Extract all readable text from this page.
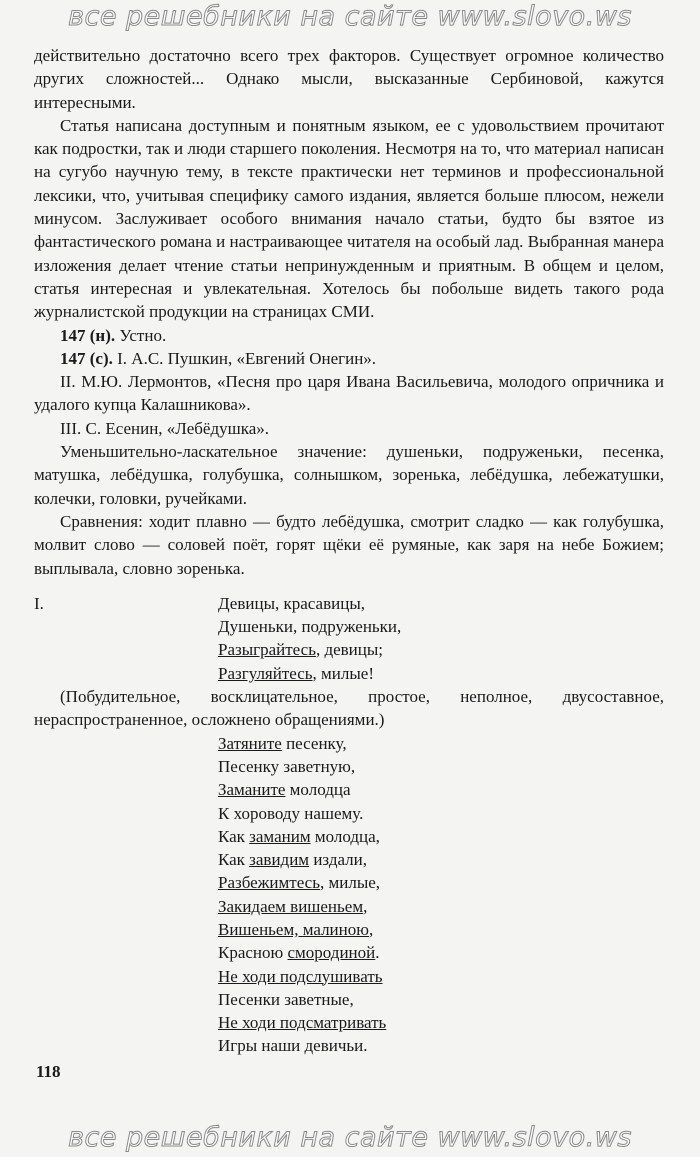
все решебники на сайте www.slovo.ws

действительно достаточно всего трех факторов. Существует огромное количество других сложностей... Однако мысли, высказанные Сербиновой, кажутся интересными.

Статья написана доступным и понятным языком, ее с удовольствием прочитают как подростки, так и люди старшего поколения. Несмотря на то, что материал написан на сугубо научную тему, в тексте практически нет терминов и профессиональной лексики, что, учитывая специфику самого издания, является больше плюсом, нежели минусом. Заслуживает особого внимания начало статьи, будто бы взятое из фантастического романа и настраивающее читателя на особый лад. Выбранная манера изложения делает чтение статьи непринужденным и приятным. В общем и целом, статья интересная и увлекательная. Хотелось бы побольше видеть такого рода журналистской продукции на страницах СМИ.

147 (н). Устно.

147 (с). I. А.С. Пушкин, «Евгений Онегин».

II. М.Ю. Лермонтов, «Песня про царя Ивана Васильевича, молодого опричника и удалого купца Калашникова».

III. С. Есенин, «Лебёдушка».

Уменьшительно-ласкательное значение: душеньки, подруженьки, песенка, матушка, лебёдушка, голубушка, солнышком, зоренька, лебёдушка, лебежатушки, колечки, головки, ручейками.

Сравнения: ходит плавно — будто лебёдушка, смотрит сладко — как голубушка, молвит слово — соловей поёт, горят щёки её румяные, как заря на небе Божием; выплывала, словно зоренька.

I.	Девицы, красавицы,
Душеньки, подруженьки,
Разыграйтесь, девицы;
Разгуляйтесь, милые!

(Побудительное, восклицательное, простое, неполное, двусоставное, нераспространенное, осложнено обращениями.)

Затяните песенку,
Песенку заветную,
Заманите молодца
К хороводу нашему.
Как заманим молодца,
Как завидим издали,
Разбежимтесь, милые,
Закидаем вишеньем,
Вишеньем, малиною,
Красною смородиной.
Не ходи подслушивать
Песенки заветные,
Не ходи подсматривать
Игры наши девичьи.
118
все решебники на сайте www.slovo.ws
